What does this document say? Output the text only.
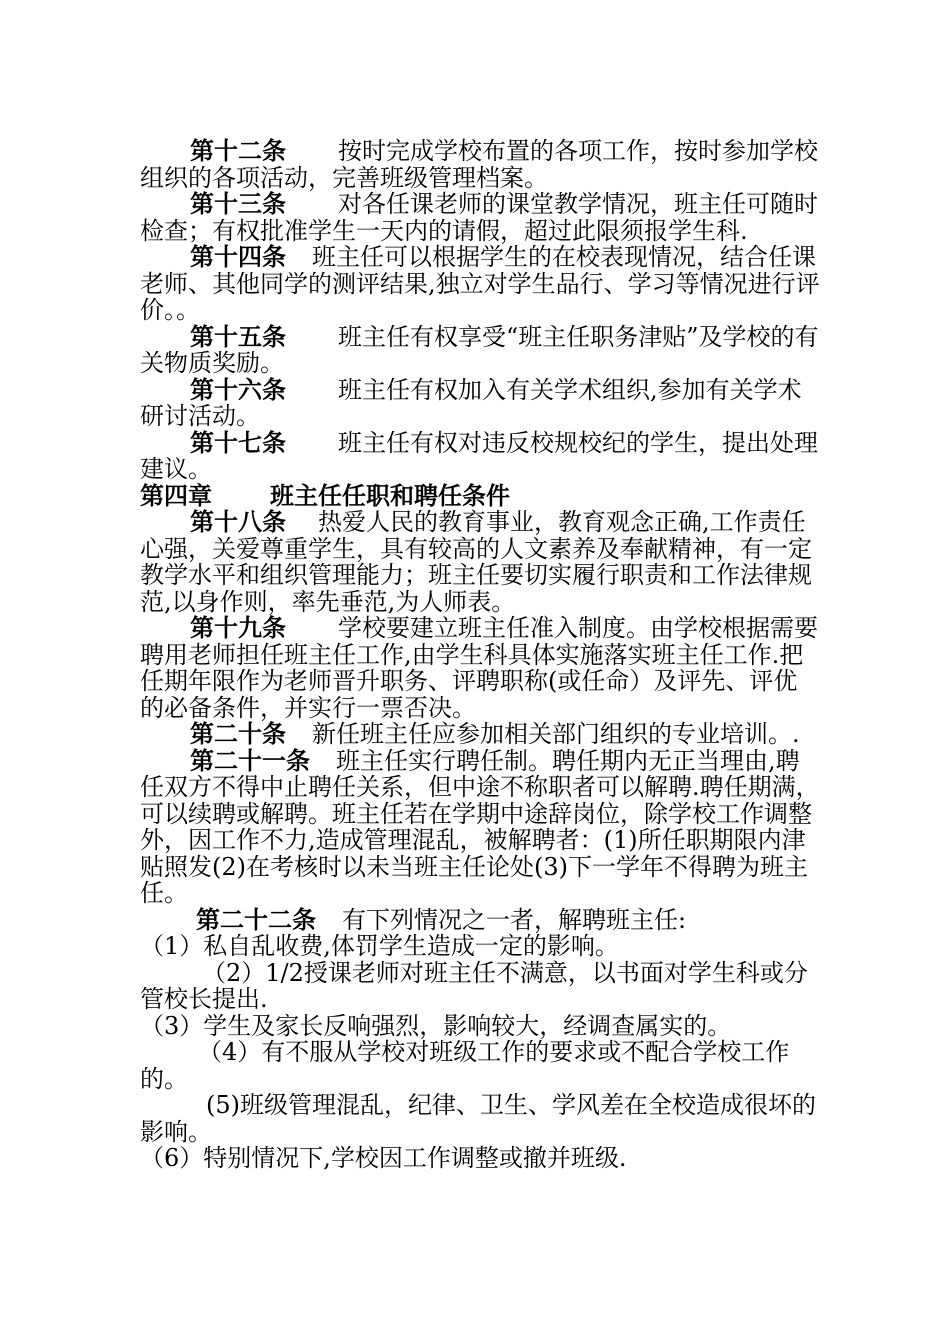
第十二条 按时完成学校布置的各项工作，按时参加学校组织的各项活动，完善班级管理档案。

第十三条 对各任课老师的课堂教学情况，班主任可随时检查；有权批准学生一天内的请假，超过此限须报学生科.

第十四条 班主任可以根据学生的在校表现情况，结合任课老师、其他同学的测评结果,独立对学生品行、学习等情况进行评价。。

第十五条 班主任有权享受“班主任职务津贴”及学校的有关物质奖励。

第十六条 班主任有权加入有关学术组织,参加有关学术研讨活动。

第十七条 班主任有权对违反校规校纪的学生，提出处理建议。

第四章 班主任任职和聘任条件

第十八条 热爱人民的教育事业，教育观念正确,工作责任心强，关爱尊重学生，具有较高的人文素养及奉献精神，有一定教学水平和组织管理能力；班主任要切实履行职责和工作法律规范,以身作则，率先垂范,为人师表。

第十九条 学校要建立班主任准入制度。由学校根据需要聘用老师担任班主任工作,由学生科具体实施落实班主任工作.把任期年限作为老师晋升职务、评聘职称(或任命）及评先、评优的必备条件，并实行一票否决。

第二十条 新任班主任应参加相关部门组织的专业培训。.

第二十一条 班主任实行聘任制。聘任期内无正当理由,聘任双方不得中止聘任关系，但中途不称职者可以解聘.聘任期满，可以续聘或解聘。班主任若在学期中途辞岗位，除学校工作调整外，因工作不力,造成管理混乱，被解聘者：(1)所任职期限内津贴照发(2)在考核时以未当班主任论处(3)下一学年不得聘为班主任。

第二十二条 有下列情况之一者，解聘班主任:

（1）私自乱收费,体罚学生造成一定的影响。

（2）1/2授课老师对班主任不满意，以书面对学生科或分管校长提出.

（3）学生及家长反响强烈，影响较大，经调查属实的。

（4）有不服从学校对班级工作的要求或不配合学校工作的。

(5)班级管理混乱，纪律、卫生、学风差在全校造成很坏的影响。

（6）特别情况下,学校因工作调整或撤并班级.
